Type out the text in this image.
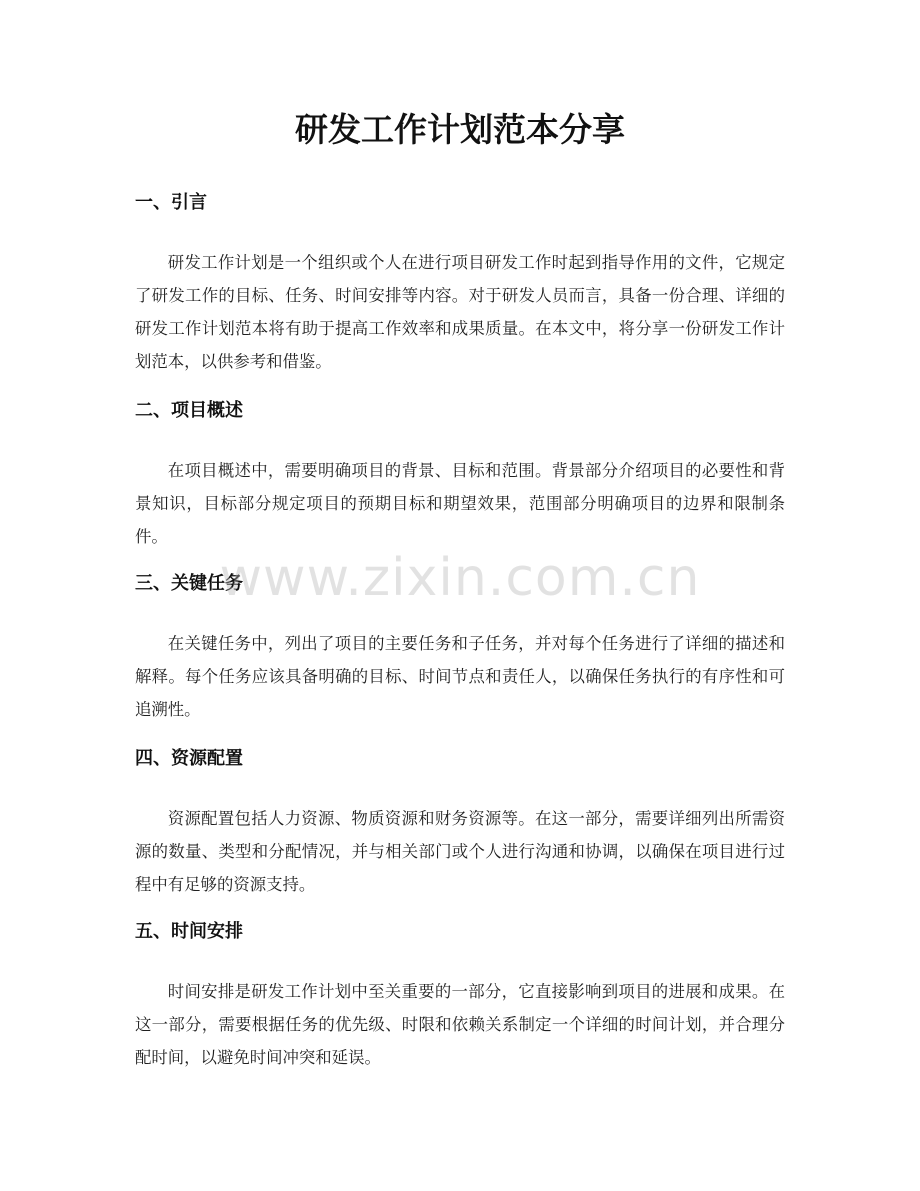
研发工作计划范本分享
一、引言

研发工作计划是一个组织或个人在进行项目研发工作时起到指导作用的文件，它规定了研发工作的目标、任务、时间安排等内容。对于研发人员而言，具备一份合理、详细的研发工作计划范本将有助于提高工作效率和成果质量。在本文中，将分享一份研发工作计划范本，以供参考和借鉴。

二、项目概述

在项目概述中，需要明确项目的背景、目标和范围。背景部分介绍项目的必要性和背景知识，目标部分规定项目的预期目标和期望效果，范围部分明确项目的边界和限制条件。

三、关键任务

在关键任务中，列出了项目的主要任务和子任务，并对每个任务进行了详细的描述和解释。每个任务应该具备明确的目标、时间节点和责任人，以确保任务执行的有序性和可追溯性。

四、资源配置

资源配置包括人力资源、物质资源和财务资源等。在这一部分，需要详细列出所需资源的数量、类型和分配情况，并与相关部门或个人进行沟通和协调，以确保在项目进行过程中有足够的资源支持。

五、时间安排

时间安排是研发工作计划中至关重要的一部分，它直接影响到项目的进展和成果。在这一部分，需要根据任务的优先级、时限和依赖关系制定一个详细的时间计划，并合理分配时间，以避免时间冲突和延误。

www.zixin.com.cn
